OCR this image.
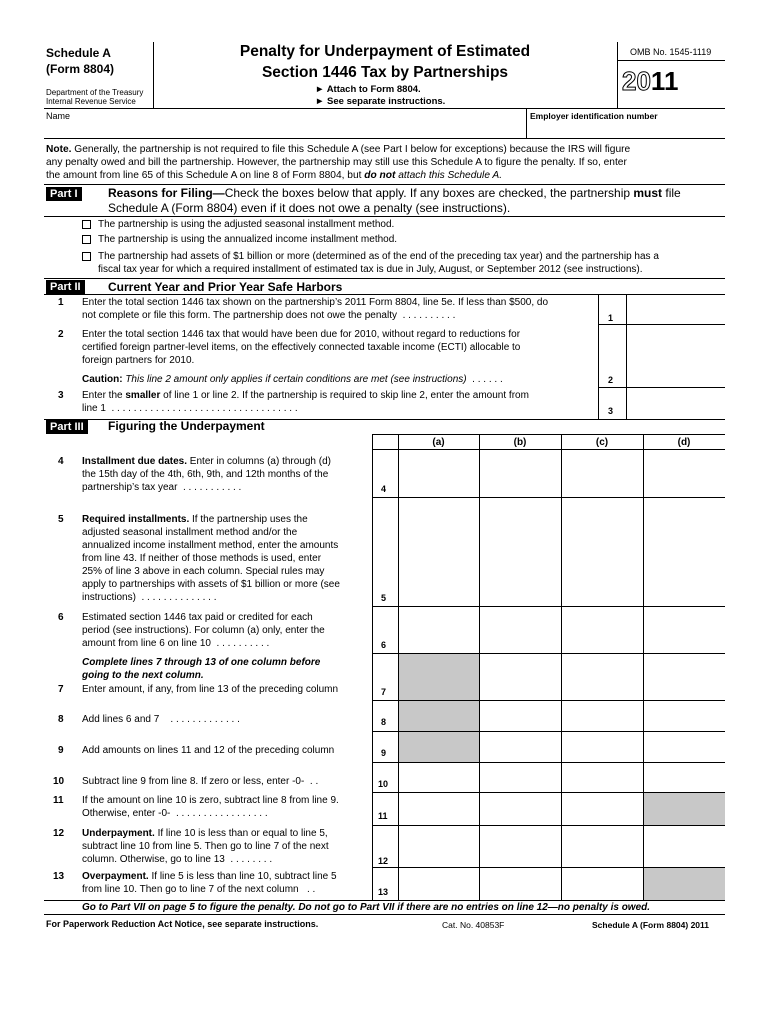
Schedule A
(Form 8804)
Department of the Treasury
Internal Revenue Service
Penalty for Underpayment of Estimated
Section 1446 Tax by Partnerships
► Attach to Form 8804.
► See separate instructions.
OMB No. 1545-1119
2011
Name	Employer identification number
Note. Generally, the partnership is not required to file this Schedule A (see Part I below for exceptions) because the IRS will figure
any penalty owed and bill the partnership. However, the partnership may still use this Schedule A to figure the penalty. If so, enter
the amount from line 65 of this Schedule A on line 8 of Form 8804, but do not attach this Schedule A.
Part I	Reasons for Filing—Check the boxes below that apply. If any boxes are checked, the partnership must file
Schedule A (Form 8804) even if it does not owe a penalty (see instructions).
The partnership is using the adjusted seasonal installment method.
The partnership is using the annualized income installment method.
The partnership had assets of $1 billion or more (determined as of the end of the preceding tax year) and the partnership has a
fiscal tax year for which a required installment of estimated tax is due in July, August, or September 2012 (see instructions).
Part II	Current Year and Prior Year Safe Harbors
1 Enter the total section 1446 tax shown on the partnership’s 2011 Form 8804, line 5e. If less than $500, do
not complete or file this form. The partnership does not owe the penalty . . . . . . . . . .	1
2 Enter the total section 1446 tax that would have been due for 2010, without regard to reductions for
certified foreign partner-level items, on the effectively connected taxable income (ECTI) allocable to
foreign partners for 2010.
Caution: This line 2 amount only applies if certain conditions are met (see instructions) . . . . . .	2
3 Enter the smaller of line 1 or line 2. If the partnership is required to skip line 2, enter the amount from
line 1 . . . . . . . . . . . . . . . . . . . . . . . . . . . . . . . . . .	3
Part III	Figuring the Underpayment
(a)	(b)	(c)	(d)
4 Installment due dates. Enter in columns (a) through (d)
the 15th day of the 4th, 6th, 9th, and 12th months of the
partnership’s tax year . . . . . . . . . . .	4
5 Required installments. If the partnership uses the
adjusted seasonal installment method and/or the
annualized income installment method, enter the amounts
from line 43. If neither of those methods is used, enter
25% of line 3 above in each column. Special rules may
apply to partnerships with assets of $1 billion or more (see
instructions) . . . . . . . . . . . . . .	5
6 Estimated section 1446 tax paid or credited for each
period (see instructions). For column (a) only, enter the
amount from line 6 on line 10 . . . . . . . . . .	6
Complete lines 7 through 13 of one column before
going to the next column.
7 Enter amount, if any, from line 13 of the preceding column	7
8 Add lines 6 and 7 . . . . . . . . . . . . .	8
9 Add amounts on lines 11 and 12 of the preceding column	9
10 Subtract line 9 from line 8. If zero or less, enter -0- . .	10
11 If the amount on line 10 is zero, subtract line 8 from line 9.
Otherwise, enter -0- . . . . . . . . . . . . . . . . .	11
12 Underpayment. If line 10 is less than or equal to line 5,
subtract line 10 from line 5. Then go to line 7 of the next
column. Otherwise, go to line 13 . . . . . . . .	12
13 Overpayment. If line 5 is less than line 10, subtract line 5
from line 10. Then go to line 7 of the next column . .	13
Go to Part VII on page 5 to figure the penalty. Do not go to Part VII if there are no entries on line 12—no penalty is owed.
For Paperwork Reduction Act Notice, see separate instructions.	Cat. No. 40853F	Schedule A (Form 8804) 2011
